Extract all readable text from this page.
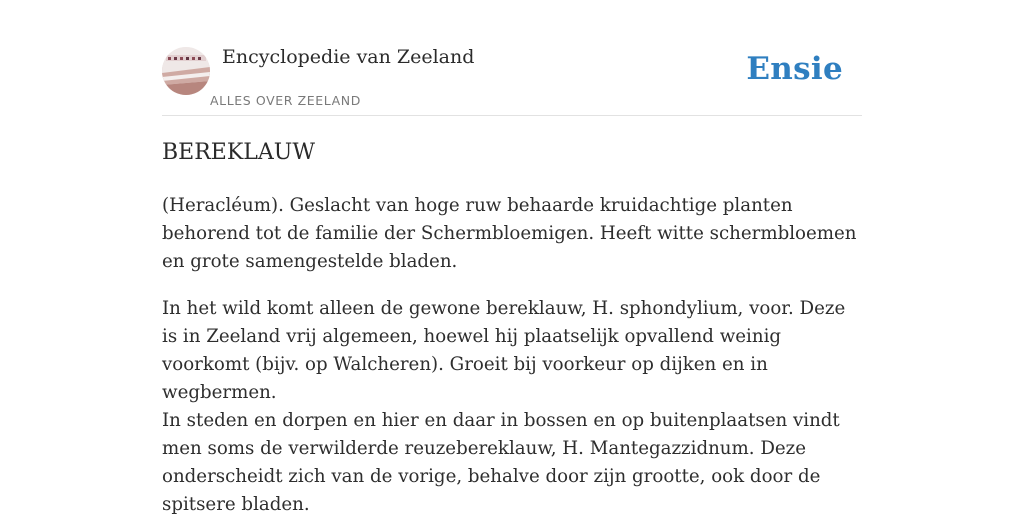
Encyclopedie van Zeeland
ALLES OVER ZEELAND
Ensie
BEREKLAUW

(Heracléum). Geslacht van hoge ruw behaarde kruidachtige planten behorend tot de familie der Schermbloemigen. Heeft witte schermbloemen en grote samengestelde bladen.

In het wild komt alleen de gewone bereklauw, H. sphondylium, voor. Deze is in Zeeland vrij algemeen, hoewel hij plaatselijk opvallend weinig voorkomt (bijv. op Walcheren). Groeit bij voorkeur op dijken en in wegbermen.

In steden en dorpen en hier en daar in bossen en op buitenplaatsen vindt men soms de verwilderde reuzebereklauw, H. Mantegazzidnum. Deze onderscheidt zich van de vorige, behalve door zijn grootte, ook door de spitsere bladen.
